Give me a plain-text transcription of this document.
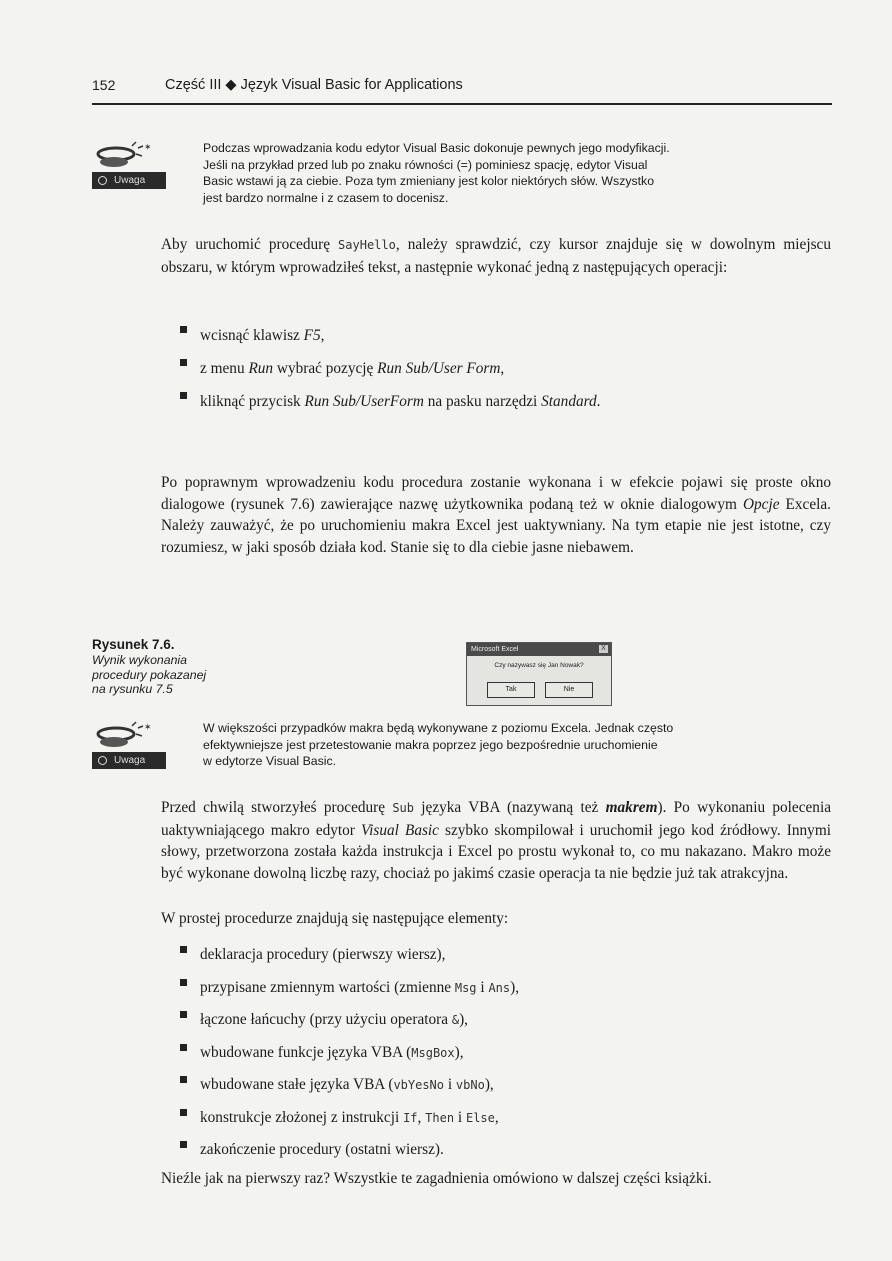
152	Część III ◆ Język Visual Basic for Applications
✶
Uwaga
Podczas wprowadzania kodu edytor Visual Basic dokonuje pewnych jego modyfikacji.
Jeśli na przykład przed lub po znaku równości (=) pominiesz spację, edytor Visual
Basic wstawi ją za ciebie. Poza tym zmieniany jest kolor niektórych słów. Wszystko
jest bardzo normalne i z czasem to docenisz.
Aby uruchomić procedurę SayHello, należy sprawdzić, czy kursor znajduje się w dowolnym miejscu obszaru, w którym wprowadziłeś tekst, a następnie wykonać jedną z następujących operacji:
wcisnąć klawisz F5,
z menu Run wybrać pozycję Run Sub/User Form,
kliknąć przycisk Run Sub/UserForm na pasku narzędzi Standard.
Po poprawnym wprowadzeniu kodu procedura zostanie wykonana i w efekcie pojawi się proste okno dialogowe (rysunek 7.6) zawierające nazwę użytkownika podaną też w oknie dialogowym Opcje Excela. Należy zauważyć, że po uruchomieniu makra Excel jest uaktywniany. Na tym etapie nie jest istotne, czy rozumiesz, w jaki sposób działa kod. Stanie się to dla ciebie jasne niebawem.
Rysunek 7.6.
Wynik wykonania
procedury pokazanej
na rysunku 7.5
Microsoft Excel	X
Czy nazywasz się Jan Nowak?
Tak	Nie
✶
Uwaga
W większości przypadków makra będą wykonywane z poziomu Excela. Jednak często
efektywniejsze jest przetestowanie makra poprzez jego bezpośrednie uruchomienie
w edytorze Visual Basic.
Przed chwilą stworzyłeś procedurę Sub języka VBA (nazywaną też makrem). Po wykonaniu polecenia uaktywniającego makro edytor Visual Basic szybko skompilował i uruchomił jego kod źródłowy. Innymi słowy, przetworzona została każda instrukcja i Excel po prostu wykonał to, co mu nakazano. Makro może być wykonane dowolną liczbę razy, chociaż po jakimś czasie operacja ta nie będzie już tak atrakcyjna.
W prostej procedurze znajdują się następujące elementy:
deklaracja procedury (pierwszy wiersz),
przypisane zmiennym wartości (zmienne Msg i Ans),
łączone łańcuchy (przy użyciu operatora &),
wbudowane funkcje języka VBA (MsgBox),
wbudowane stałe języka VBA (vbYesNo i vbNo),
konstrukcje złożonej z instrukcji If, Then i Else,
zakończenie procedury (ostatni wiersz).
Nieźle jak na pierwszy raz? Wszystkie te zagadnienia omówiono w dalszej części książki.
